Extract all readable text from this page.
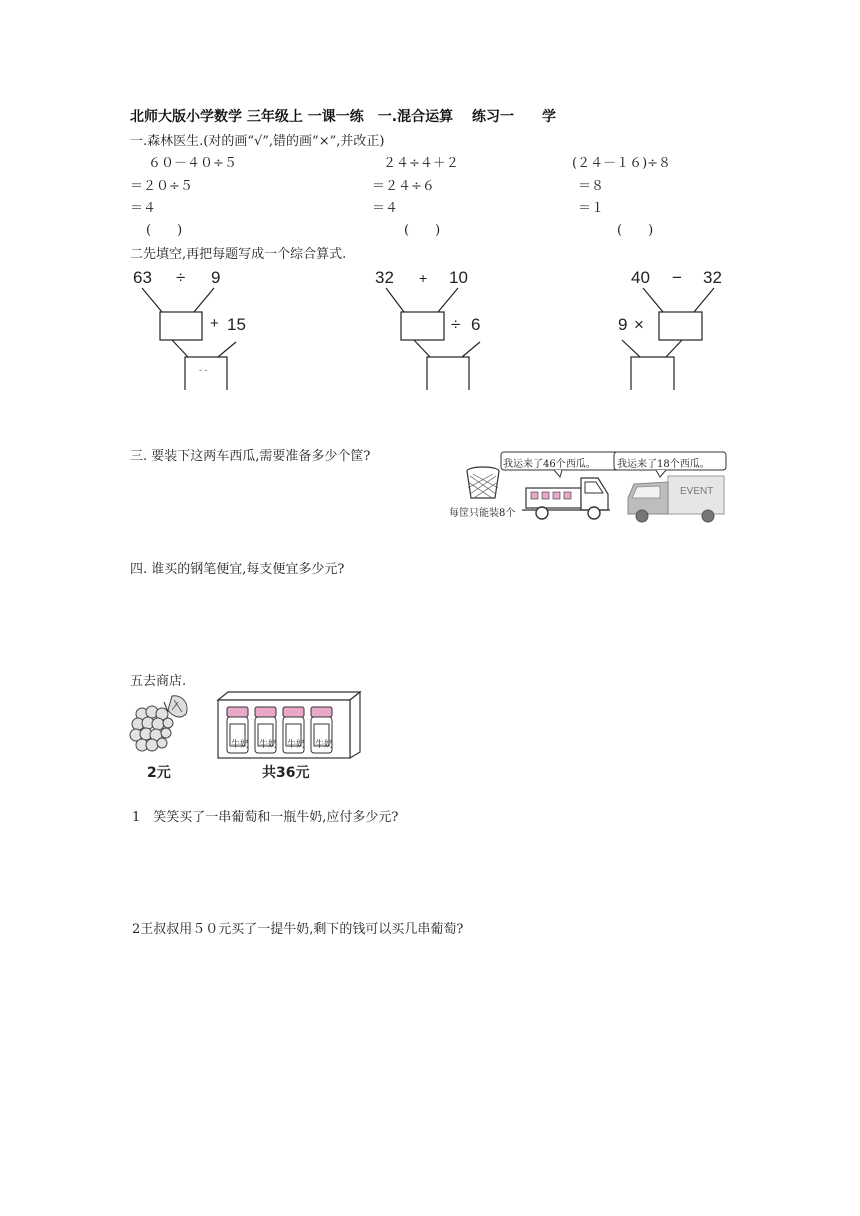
北师大版小学数学 三年级上 一课一练　一.混合运算　 练习一　　学
一.森林医生.(对的画“√”,错的画“×”,并改正)
６０－４０÷５
＝２０÷５
＝４
(　　)
２４÷４＋２
＝２４÷６
＝４
(　　)
(２４－１６)÷８
＝８
＝１
(　　)
二先填空,再把每题写成一个综合算式.
63 ÷ 9
+ 15
- -
32 + 10
÷ 6
40 − 32
9 ×
三. 要装下这两车西瓜,需要准备多少个筐?
我运来了46个西瓜。 我运来了18个西瓜。
EVENT
每筐只能装8个
四. 谁买的钢笔便宜,每支便宜多少元?
五去商店.
牛奶 牛奶 牛奶 牛奶
2元	共36元
1　笑笑买了一串葡萄和一瓶牛奶,应付多少元?
2王叔叔用５０元买了一提牛奶,剩下的钱可以买几串葡萄?
